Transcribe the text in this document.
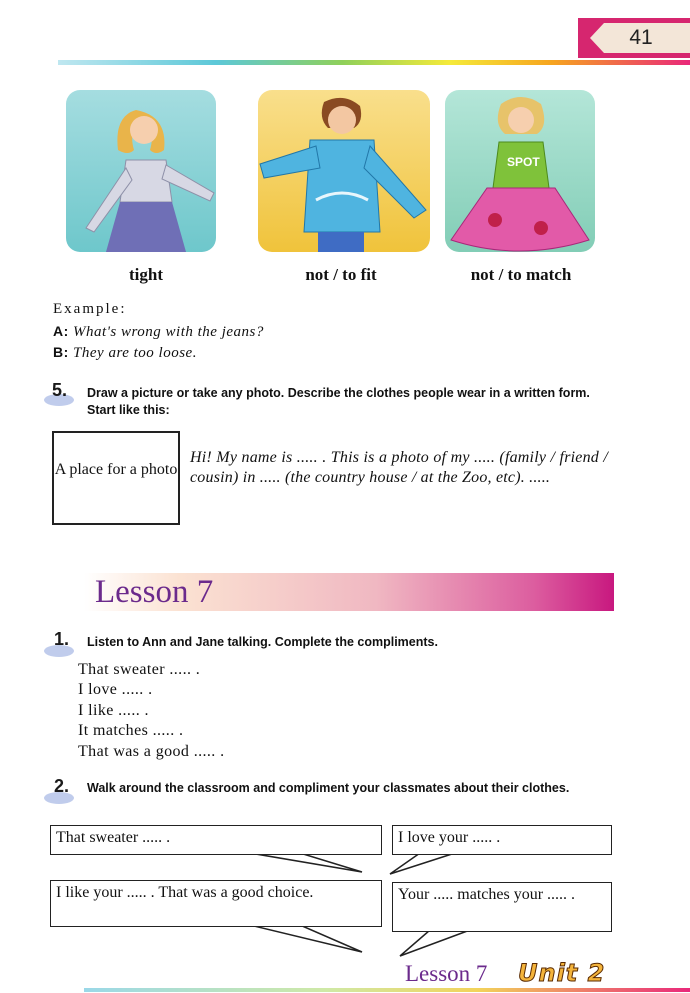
41
SPOT
tight	not / to fit	not / to match
Example:
A: What's wrong with the jeans?
B: They are too loose.
5. Draw a picture or take any photo. Describe the clothes people wear in a written form. Start like this:
A place for a photo
Hi! My name is ..... . This is a photo of my ..... (family / friend / cousin) in ..... (the country house / at the Zoo, etc). .....
Lesson 7
1. Listen to Ann and Jane talking. Complete the compliments.
That sweater ..... .
I love ..... .
I like ..... .
It matches ..... .
That was a good ..... .
2. Walk around the classroom and compliment your classmates about their clothes.
That sweater ..... .	I love your ..... .
I like your ..... . That was a good choice.	Your ..... matches your ..... .
Lesson 7 Unit 2
